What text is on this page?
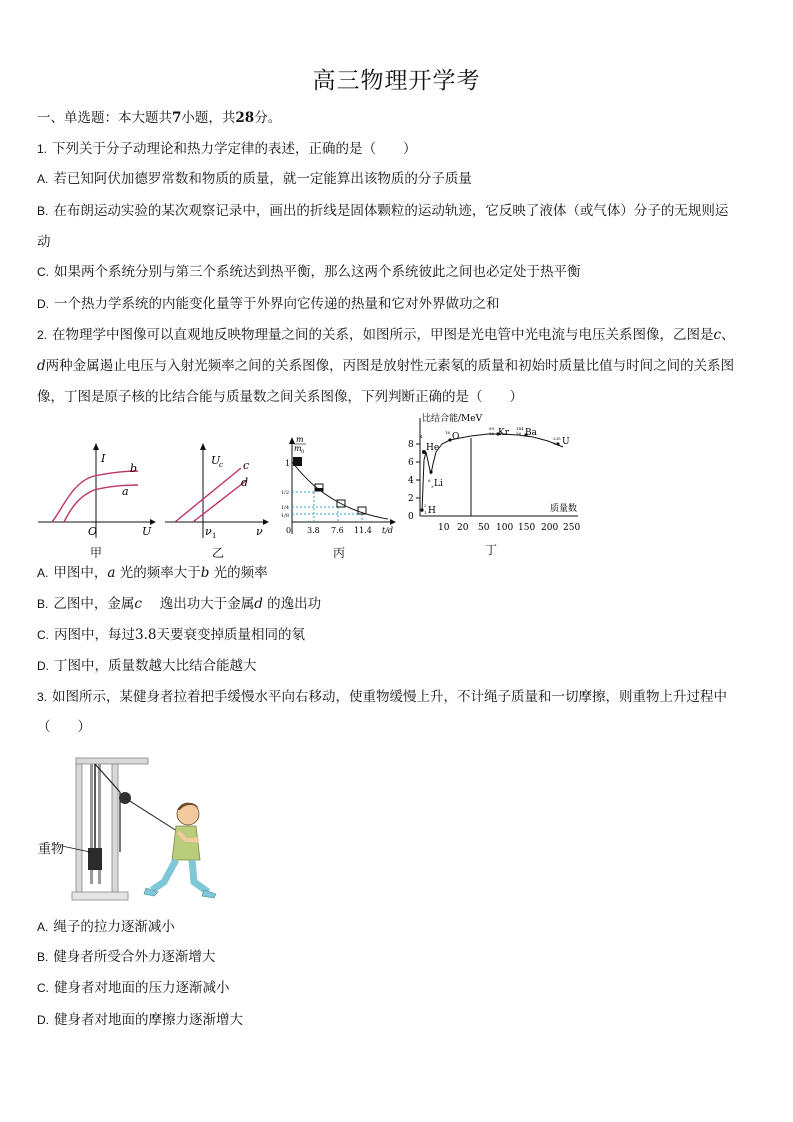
高三物理开学考
一、单选题：本大题共7小题，共28分。
1. 下列关于分子动理论和热力学定律的表述，正确的是（　　）
A. 若已知阿伏加德罗常数和物质的质量，就一定能算出该物质的分子质量
B. 在布朗运动实验的某次观察记录中，画出的折线是固体颗粒的运动轨迹，它反映了液体（或气体）分子的无规则运
动
C. 如果两个系统分别与第三个系统达到热平衡，那么这两个系统彼此之间也必定处于热平衡
D. 一个热力学系统的内能变化量等于外界向它传递的热量和它对外界做功之和
2. 在物理学中图像可以直观地反映物理量之间的关系，如图所示，甲图是光电管中光电流与电压关系图像，乙图是c、
d两种金属遏止电压与入射光频率之间的关系图像，丙图是放射性元素氡的质量和初始时质量比值与时间之间的关系图
像，丁图是原子核的比结合能与质量数之间关系图像，下列判断正确的是（　　）
I
U
O
b
a
甲
U
c c
d
ν 1	ν
乙
m
m 0
1
1/2
1/4
1/8
0 3.8 7.6 11.4 t/d
丙
比结合能/MeV
8
6
4
2
0
10 20 50 100 150 200 250
质量数
4
He
6
3 Li
2
1 H
16 O
89
36 Kr 144
56 Ba
235
92 U
丁
A. 甲图中，a 光的频率大于b 光的频率
B. 乙图中，金属c　 逸出功大于金属d 的逸出功
C. 丙图中，每过3.8天要衰变掉质量相同的氡
D. 丁图中，质量数越大比结合能越大
3. 如图所示，某健身者拉着把手缓慢水平向右移动，使重物缓慢上升，不计绳子质量和一切摩擦，则重物上升过程中
（　　）
重物
A. 绳子的拉力逐渐减小
B. 健身者所受合外力逐渐增大
C. 健身者对地面的压力逐渐减小
D. 健身者对地面的摩擦力逐渐增大
